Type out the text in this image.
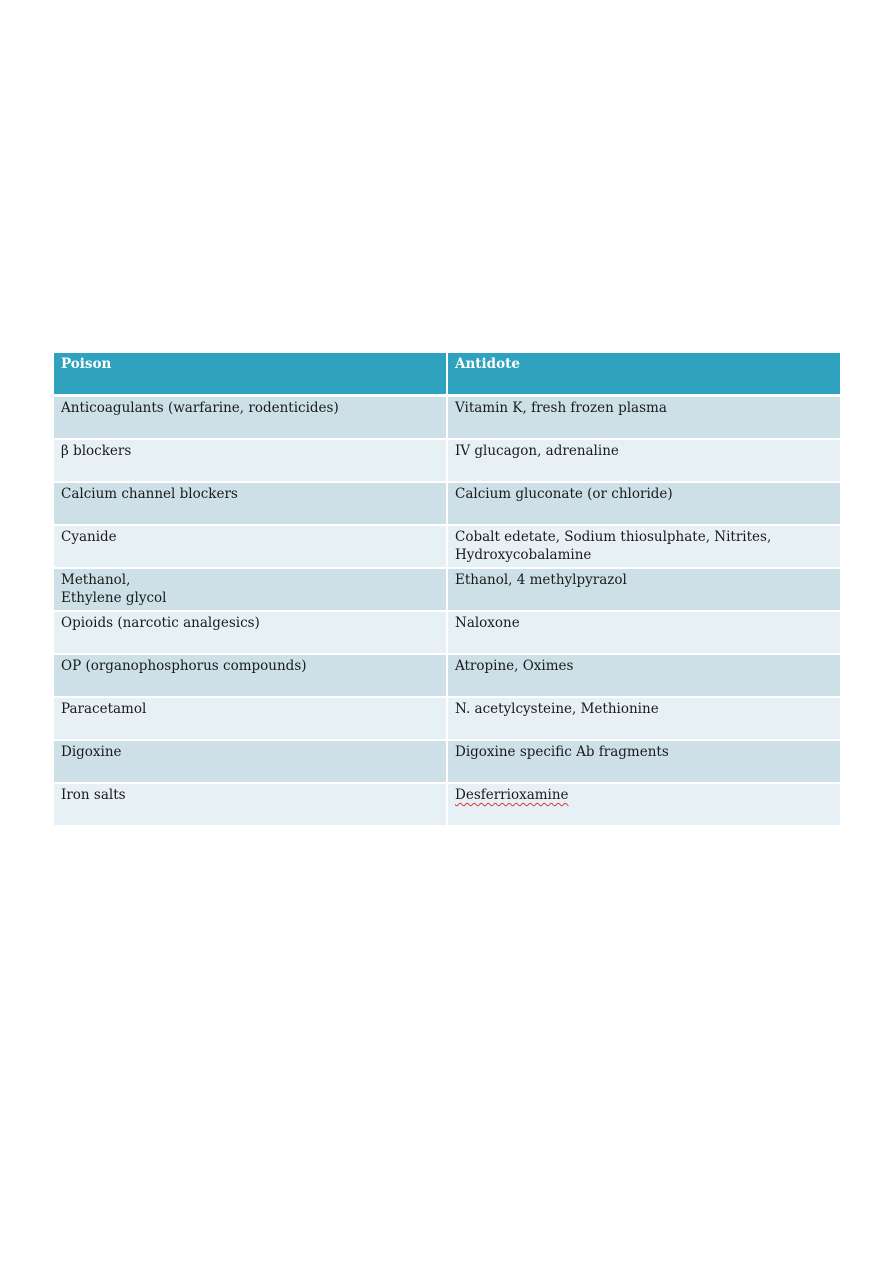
Poison	Antidote
Anticoagulants (warfarine, rodenticides)	Vitamin K, fresh frozen plasma
β blockers	IV glucagon, adrenaline
Calcium channel blockers	Calcium gluconate (or chloride)
Cyanide	Cobalt edetate, Sodium thiosulphate, Nitrites,
Hydroxycobalamine
Methanol,
Ethylene glycol	Ethanol, 4 methylpyrazol
Opioids (narcotic analgesics)	Naloxone
OP (organophosphorus compounds)	Atropine, Oximes
Paracetamol	N. acetylcysteine, Methionine
Digoxine	Digoxine specific Ab fragments
Iron salts	Desferrioxamine
